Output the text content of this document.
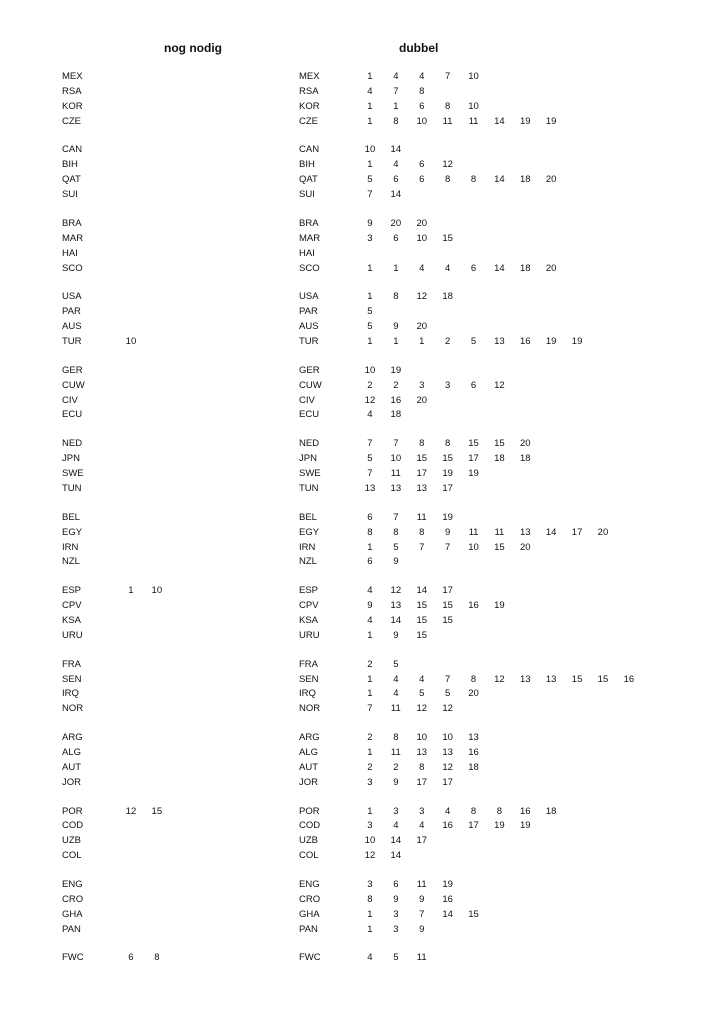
nog nodig	dubbel
MEX	MEX	1 4 4 7 10
RSA	RSA	4 7 8
KOR	KOR	1 1 6 8 10
CZE	CZE	1 8 10 11 11 14 19 19
CAN	CAN	10 14
BIH	BIH	1 4 6 12
QAT	QAT	5 6 6 8 8 14 18 20
SUI	SUI	7 14
BRA	BRA	9 20 20
MAR	MAR	3 6 10 15
HAI	HAI
SCO	SCO	1 1 4 4 6 14 18 20
USA	USA	1 8 12 18
PAR	PAR	5
AUS	AUS	5 9 20
TUR	10	TUR	1 1 1 2 5 13 16 19 19
GER	GER	10 19
CUW	CUW	2 2 3 3 6 12
CIV	CIV	12 16 20
ECU	ECU	4 18
NED	NED	7 7 8 8 15 15 20
JPN	JPN	5 10 15 15 17 18 18
SWE	SWE	7 11 17 19 19
TUN	TUN	13 13 13 17
BEL	BEL	6 7 11 19
EGY	EGY	8 8 8 9 11 11 13 14 17 20
IRN	IRN	1 5 7 7 10 15 20
NZL	NZL	6 9
ESP	1 10	ESP	4 12 14 17
CPV	CPV	9 13 15 15 16 19
KSA	KSA	4 14 15 15
URU	URU	1 9 15
FRA	FRA	2 5
SEN	SEN	1 4 4 7 8 12 13 13 15 15 16
IRQ	IRQ	1 4 5 5 20
NOR	NOR	7 11 12 12
ARG	ARG	2 8 10 10 13
ALG	ALG	1 11 13 13 16
AUT	AUT	2 2 8 12 18
JOR	JOR	3 9 17 17
POR	12 15	POR	1 3 3 4 8 8 16 18
COD	COD	3 4 4 16 17 19 19
UZB	UZB	10 14 17
COL	COL	12 14
ENG	ENG	3 6 11 19
CRO	CRO	8 9 9 16
GHA	GHA	1 3 7 14 15
PAN	PAN	1 3 9
FWC	6 8	FWC	4 5 11
